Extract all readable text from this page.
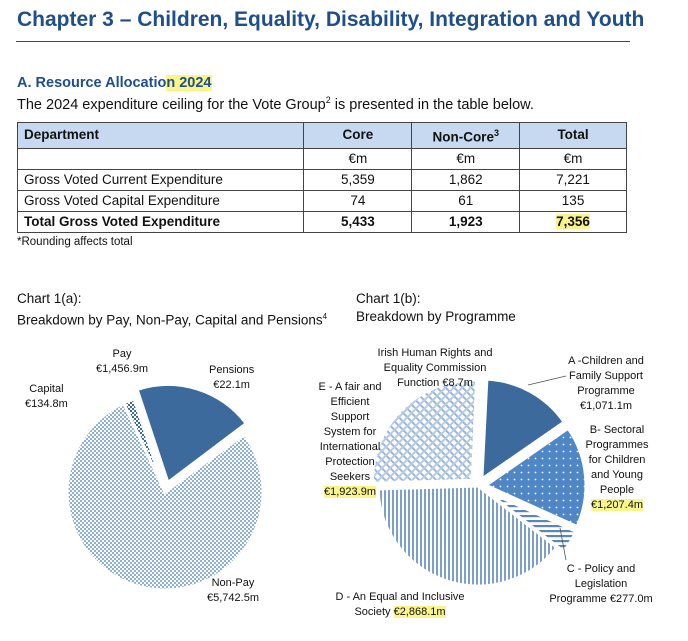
Chapter 3 – Children, Equality, Disability, Integration and Youth
A. Resource Allocation 2024
The 2024 expenditure ceiling for the Vote Group$^2$ is presented in the table below.
Department	Core	Non-Core$^3$	Total
	€m	€m	€m
Gross Voted Current Expenditure	5,359	1,862	7,221
Gross Voted Capital Expenditure	74	61	135
Total Gross Voted Expenditure	5,433	1,923	7,356
*Rounding affects total
Chart 1(a):
Breakdown by Pay, Non-Pay, Capital and Pensions$^4$
Chart 1(b):
Breakdown by Programme
Pay
€1,456.9m	Pensions
€22.1m
Capital
€134.8m
Non-Pay
€5,742.5m
Irish Human Rights and Equality Commission Function €8.7m
A -Children and Family Support Programme
€1,071.1m
B- Sectoral Programmes for Children and Young People
€1,207.4m
C - Policy and Legislation Programme €277.0m
D - An Equal and Inclusive Society €2,868.1m
E - A fair and Efficient Support System for International Protection Seekers
€1,923.9m
